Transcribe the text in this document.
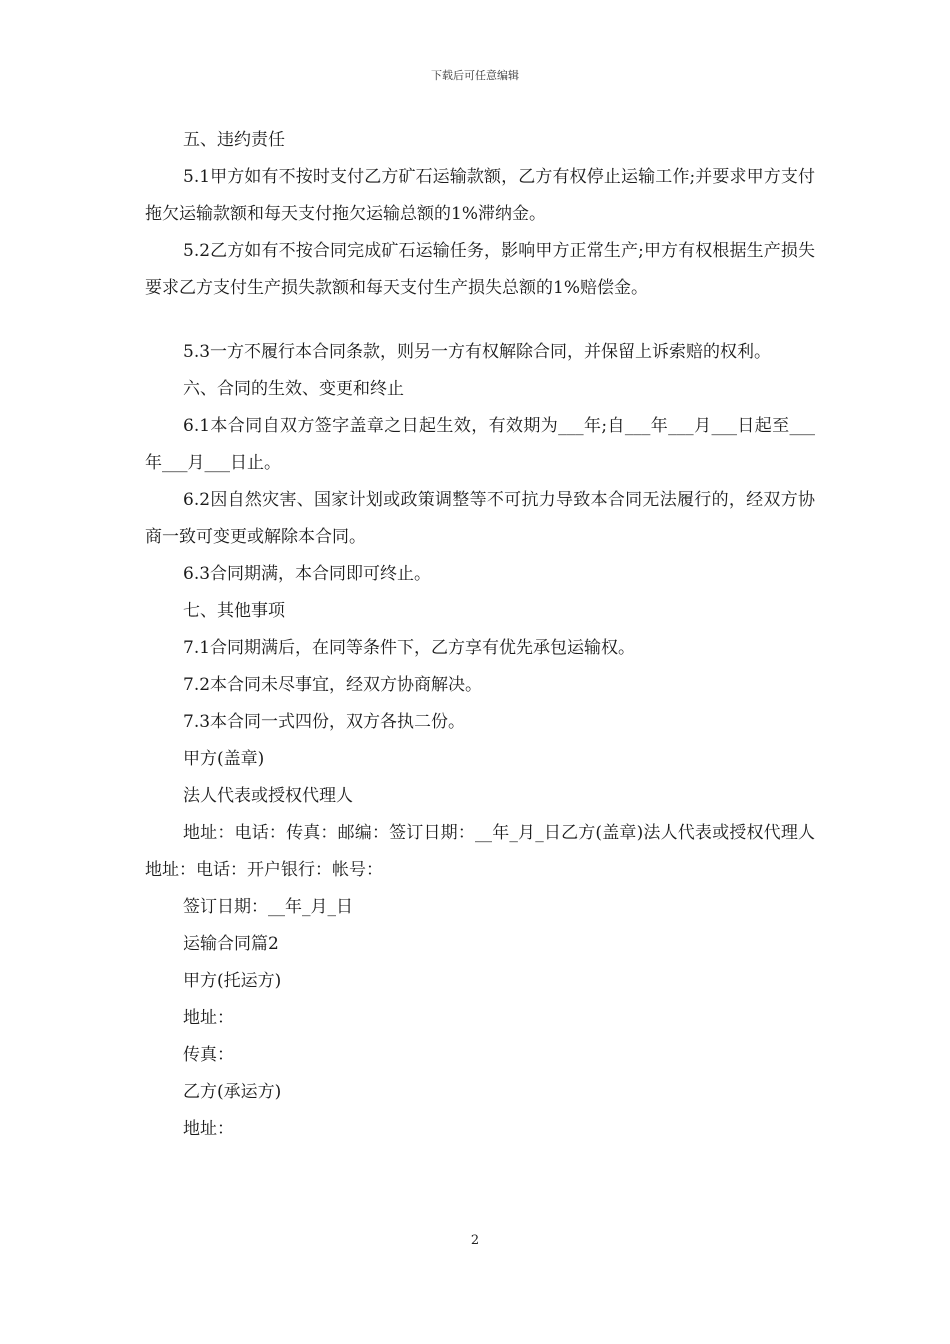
下载后可任意编辑

五、违约责任

5.1甲方如有不按时支付乙方矿石运输款额，乙方有权停止运输工作;并要求甲方支付拖欠运输款额和每天支付拖欠运输总额的1%滞纳金。

5.2乙方如有不按合同完成矿石运输任务，影响甲方正常生产;甲方有权根据生产损失要求乙方支付生产损失款额和每天支付生产损失总额的1%赔偿金。

5.3一方不履行本合同条款，则另一方有权解除合同，并保留上诉索赔的权利。

六、合同的生效、变更和终止

6.1本合同自双方签字盖章之日起生效，有效期为___年;自___年___月___日起至___年___月___日止。

6.2因自然灾害、国家计划或政策调整等不可抗力导致本合同无法履行的，经双方协商一致可变更或解除本合同。

6.3合同期满，本合同即可终止。

七、其他事项

7.1合同期满后，在同等条件下，乙方享有优先承包运输权。

7.2本合同未尽事宜，经双方协商解决。

7.3本合同一式四份，双方各执二份。

甲方(盖章)

法人代表或授权代理人

地址：电话：传真：邮编：签订日期：__年_月_日乙方(盖章)法人代表或授权代理人地址：电话：开户银行：帐号：

签订日期：__年_月_日

运输合同篇2

甲方(托运方)

地址：

传真：

乙方(承运方)

地址：

2
